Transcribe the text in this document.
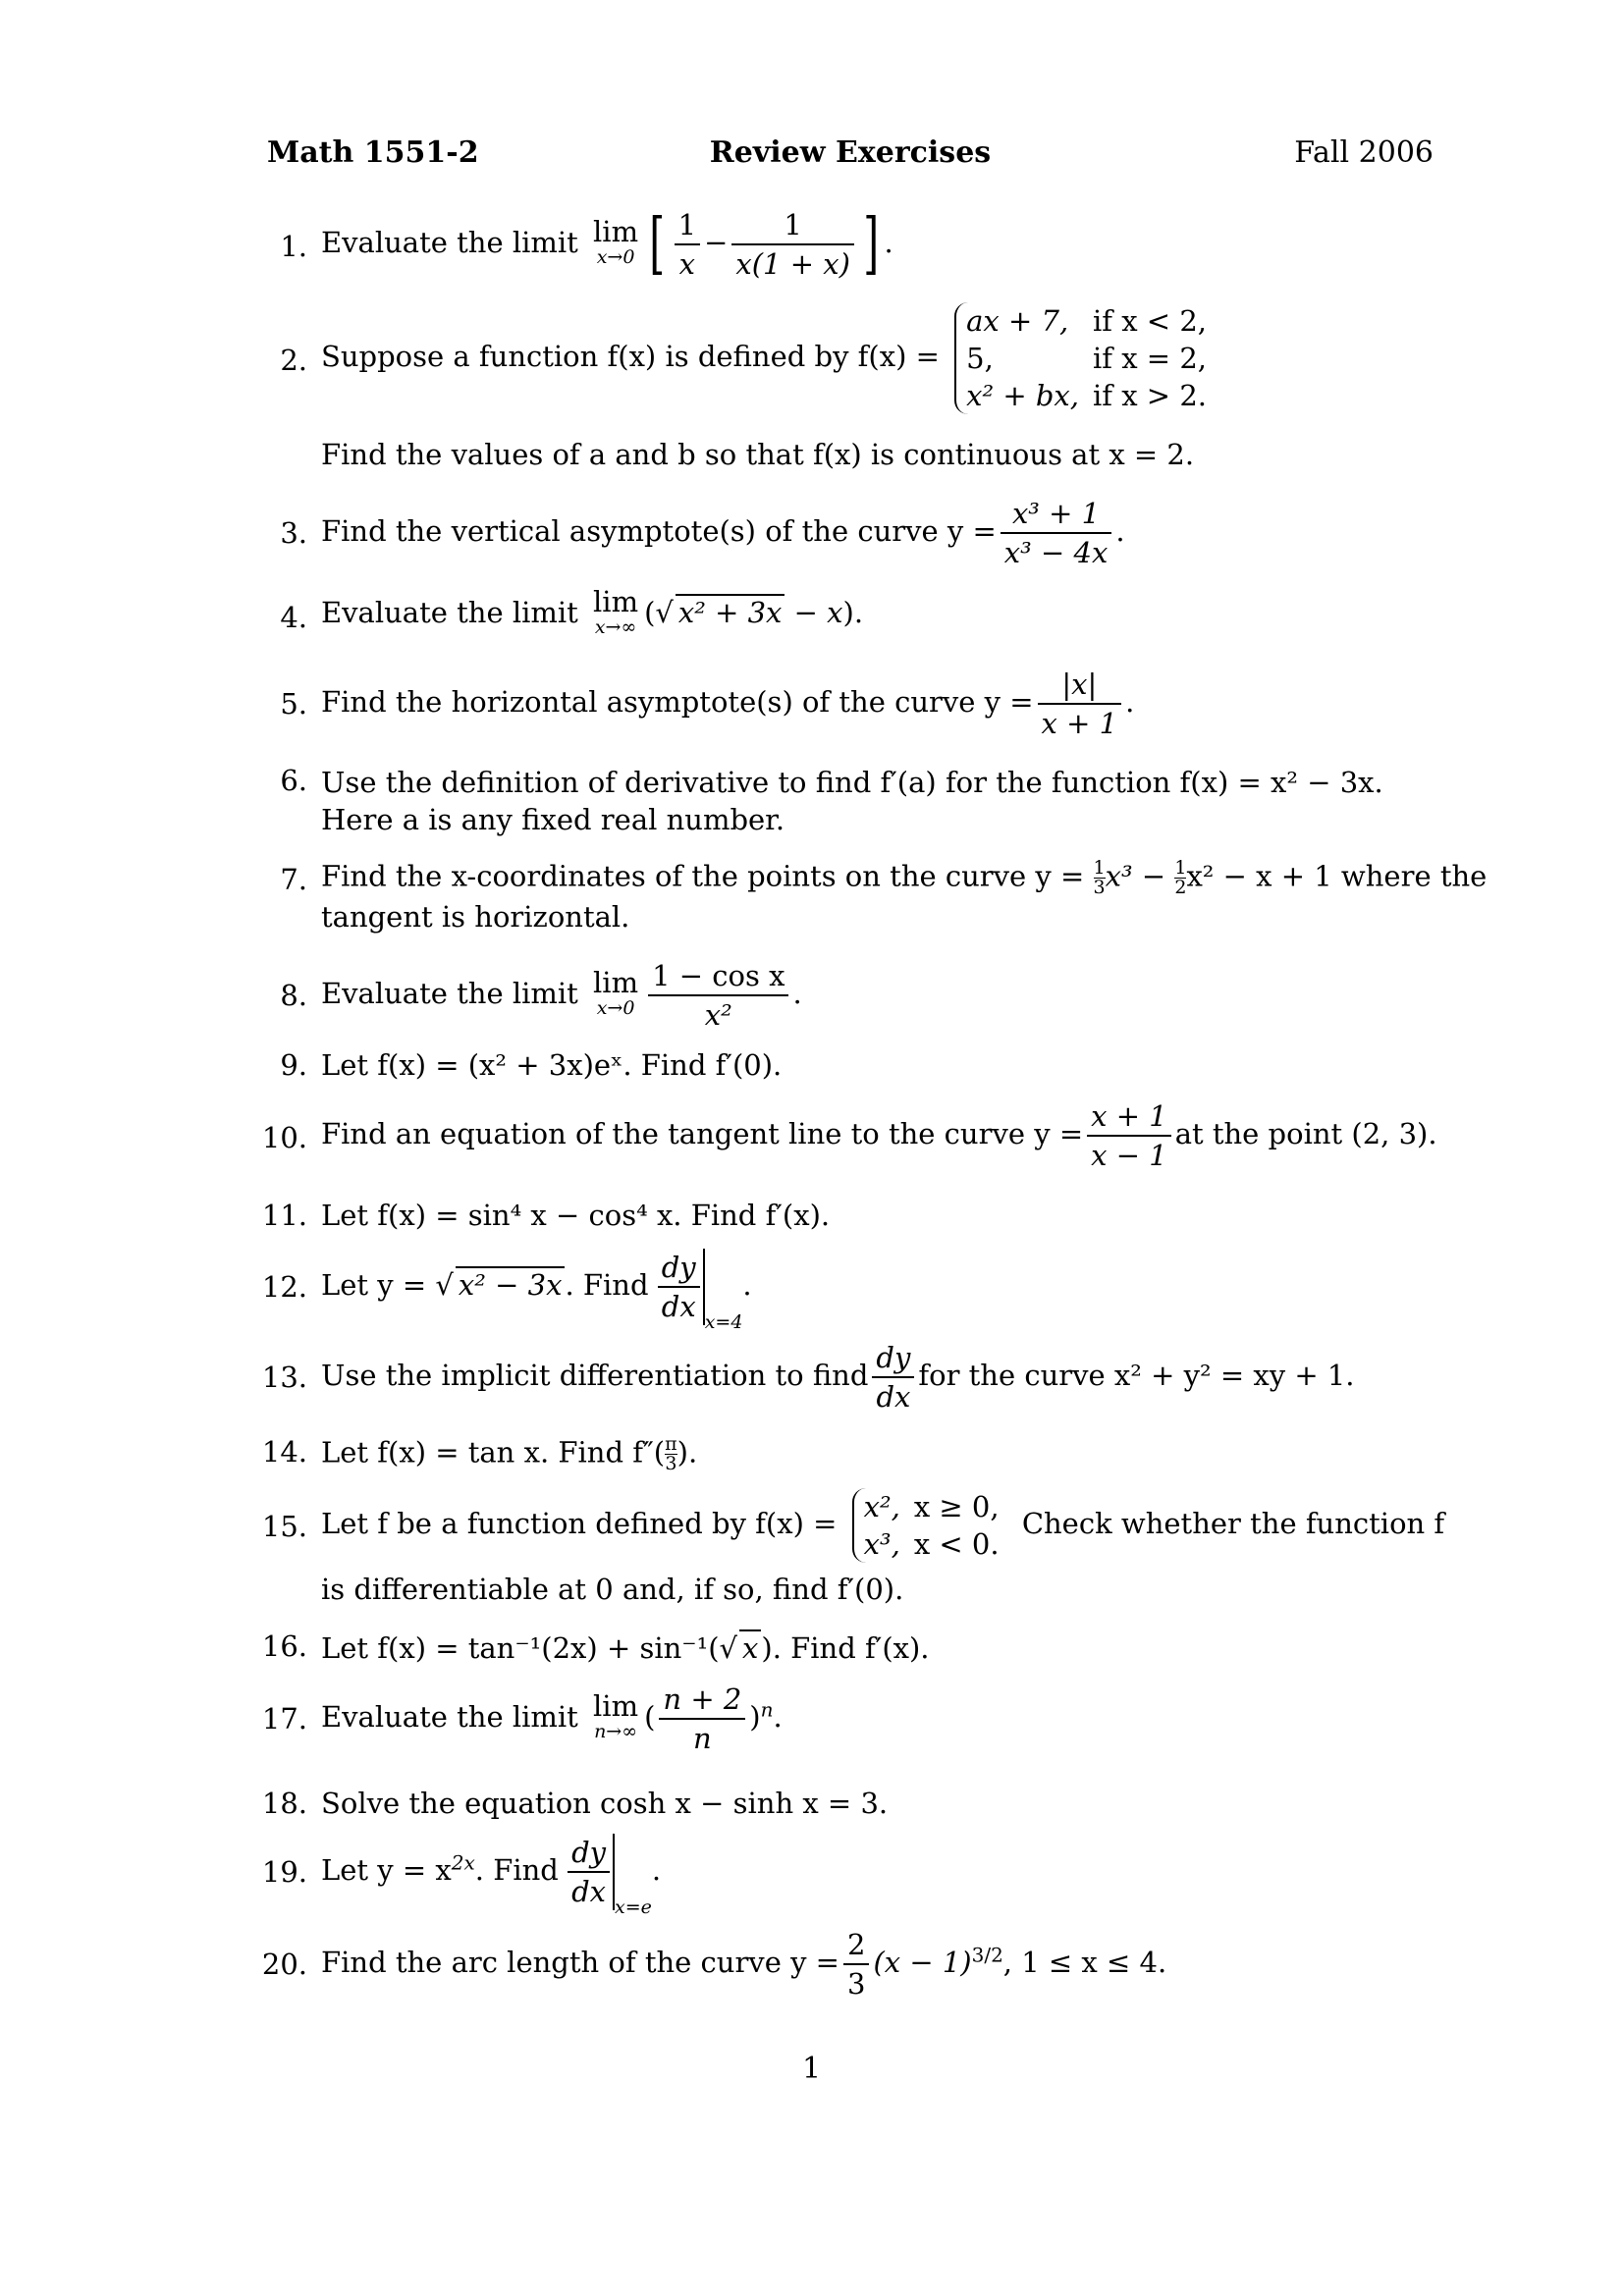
Math 1551-2	Review Exercises	Fall 2006
1. Evaluate the limit lim
x→0 [ $\frac{1}{x} - \frac{1}{x(1 + x)}$ ] .
2. Suppose a function f(x) is defined by f(x) =
ax + 7,	if x < 2,
5,	if x = 2,
x² + bx,	if x > 2.
Find the values of a and b so that f(x) is continuous at x = 2.
3. Find the vertical asymptote(s) of the curve $y = \frac{\text{x³ + 1}}{\text{x³ − 4x}}$ .
4. Evaluate the limit lim
x→∞ (√ x² + 3x − x).
5. Find the horizontal asymptote(s) of the curve $y = \frac{|x|}{x + 1}$ .
6. Use the definition of derivative to find f′(a) for the function f(x) = x² − 3x. Here a is any fixed real number.
7. Find the x-coordinates of the points on the curve $y = \frac{1}{3} x^3 - \frac{1}{2} x^2 - x + 1$ where the
tangent is horizontal.
8. Evaluate the limit lim
$x\to 0 \frac{\text{1 − cos x}}{\text{x²}}$ .
9. Let f(x) = (x² + 3x)eˣ. Find f′(0).
10. Find an equation of the tangent line to the curve $y = \frac{x + 1}{x - 1}$ at the point (2, 3).
11. Let f(x) = sin⁴ x − cos⁴ x. Find f′(x).
12. Let y = √ x² − 3x . Find $\frac{dy}{dx} x=4$.
13. Use the implicit differentiation to find $\frac{dy}{dx}$ for the curve x² + y² = xy + 1.
14. Let f(x) = tan x. Find $f''( \frac{\pi}{3}$ ).
15. Let f be a function defined by f(x) = x²,	x ≥ 0,
x³,	x < 0.
Check whether the function f
is differentiable at 0 and, if so, find f′(0).
16. Let f(x) = tan⁻¹(2x) + sin⁻¹(√ x ). Find f′(x).
17. Evaluate the limit lim
n→∞ ( $\frac{n + 2}{n} )^n$.
18. Solve the equation cosh x − sinh x = 3.
19. Let $y = x^{2x}$. Find $\frac{dy}{dx} x=e$.
20. Find the arc length of the curve $y = \frac{2}{3} (x - 1)^{3/2}$, 1 ≤ x ≤ 4.
1
